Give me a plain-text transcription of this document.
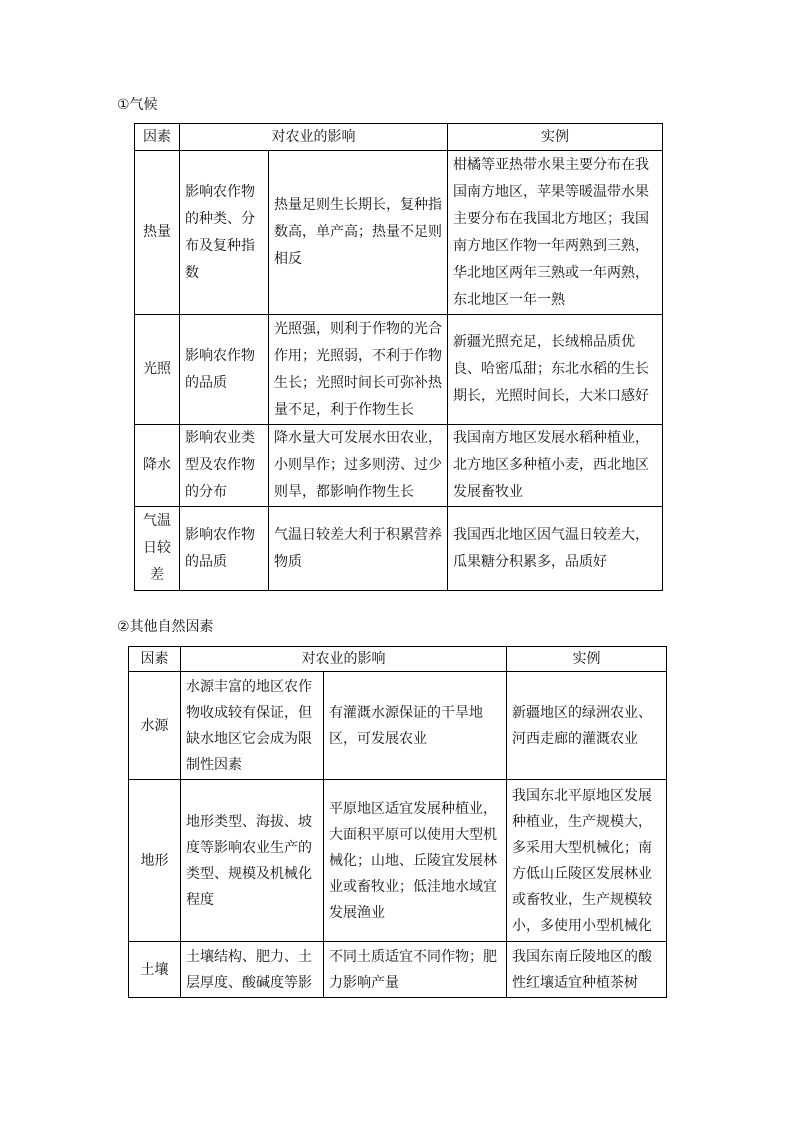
①气候
因素	对农业的影响		实例
热量	影响农作物的种类、分布及复种指数	热量足则生长期长，复种指数高，单产高；热量不足则相反	柑橘等亚热带水果主要分布在我国南方地区，苹果等暖温带水果主要分布在我国北方地区；我国南方地区作物一年两熟到三熟，华北地区两年三熟或一年两熟，东北地区一年一熟
光照	影响农作物的品质	光照强，则利于作物的光合作用；光照弱，不利于作物生长；光照时间长可弥补热量不足，利于作物生长	新疆光照充足，长绒棉品质优良、哈密瓜甜；东北水稻的生长期长，光照时间长，大米口感好
降水	影响农业类型及农作物的分布	降水量大可发展水田农业，小则旱作；过多则涝、过少则旱，都影响作物生长	我国南方地区发展水稻种植业，北方地区多种植小麦，西北地区发展畜牧业
气温日较差	影响农作物的品质	气温日较差大利于积累营养物质	我国西北地区因气温日较差大，瓜果糖分积累多，品质好
②其他自然因素
因素	对农业的影响		实例
水源	水源丰富的地区农作物收成较有保证，但缺水地区它会成为限制性因素	有灌溉水源保证的干旱地区，可发展农业	新疆地区的绿洲农业、河西走廊的灌溉农业
地形	地形类型、海拔、坡度等影响农业生产的类型、规模及机械化程度	平原地区适宜发展种植业，大面积平原可以使用大型机械化；山地、丘陵宜发展林业或畜牧业；低洼地水域宜发展渔业	我国东北平原地区发展种植业，生产规模大，多采用大型机械化；南方低山丘陵区发展林业或畜牧业，生产规模较小，多使用小型机械化
土壤	土壤结构、肥力、土层厚度、酸碱度等影	不同土质适宜不同作物；肥力影响产量	我国东南丘陵地区的酸性红壤适宜种植茶树
